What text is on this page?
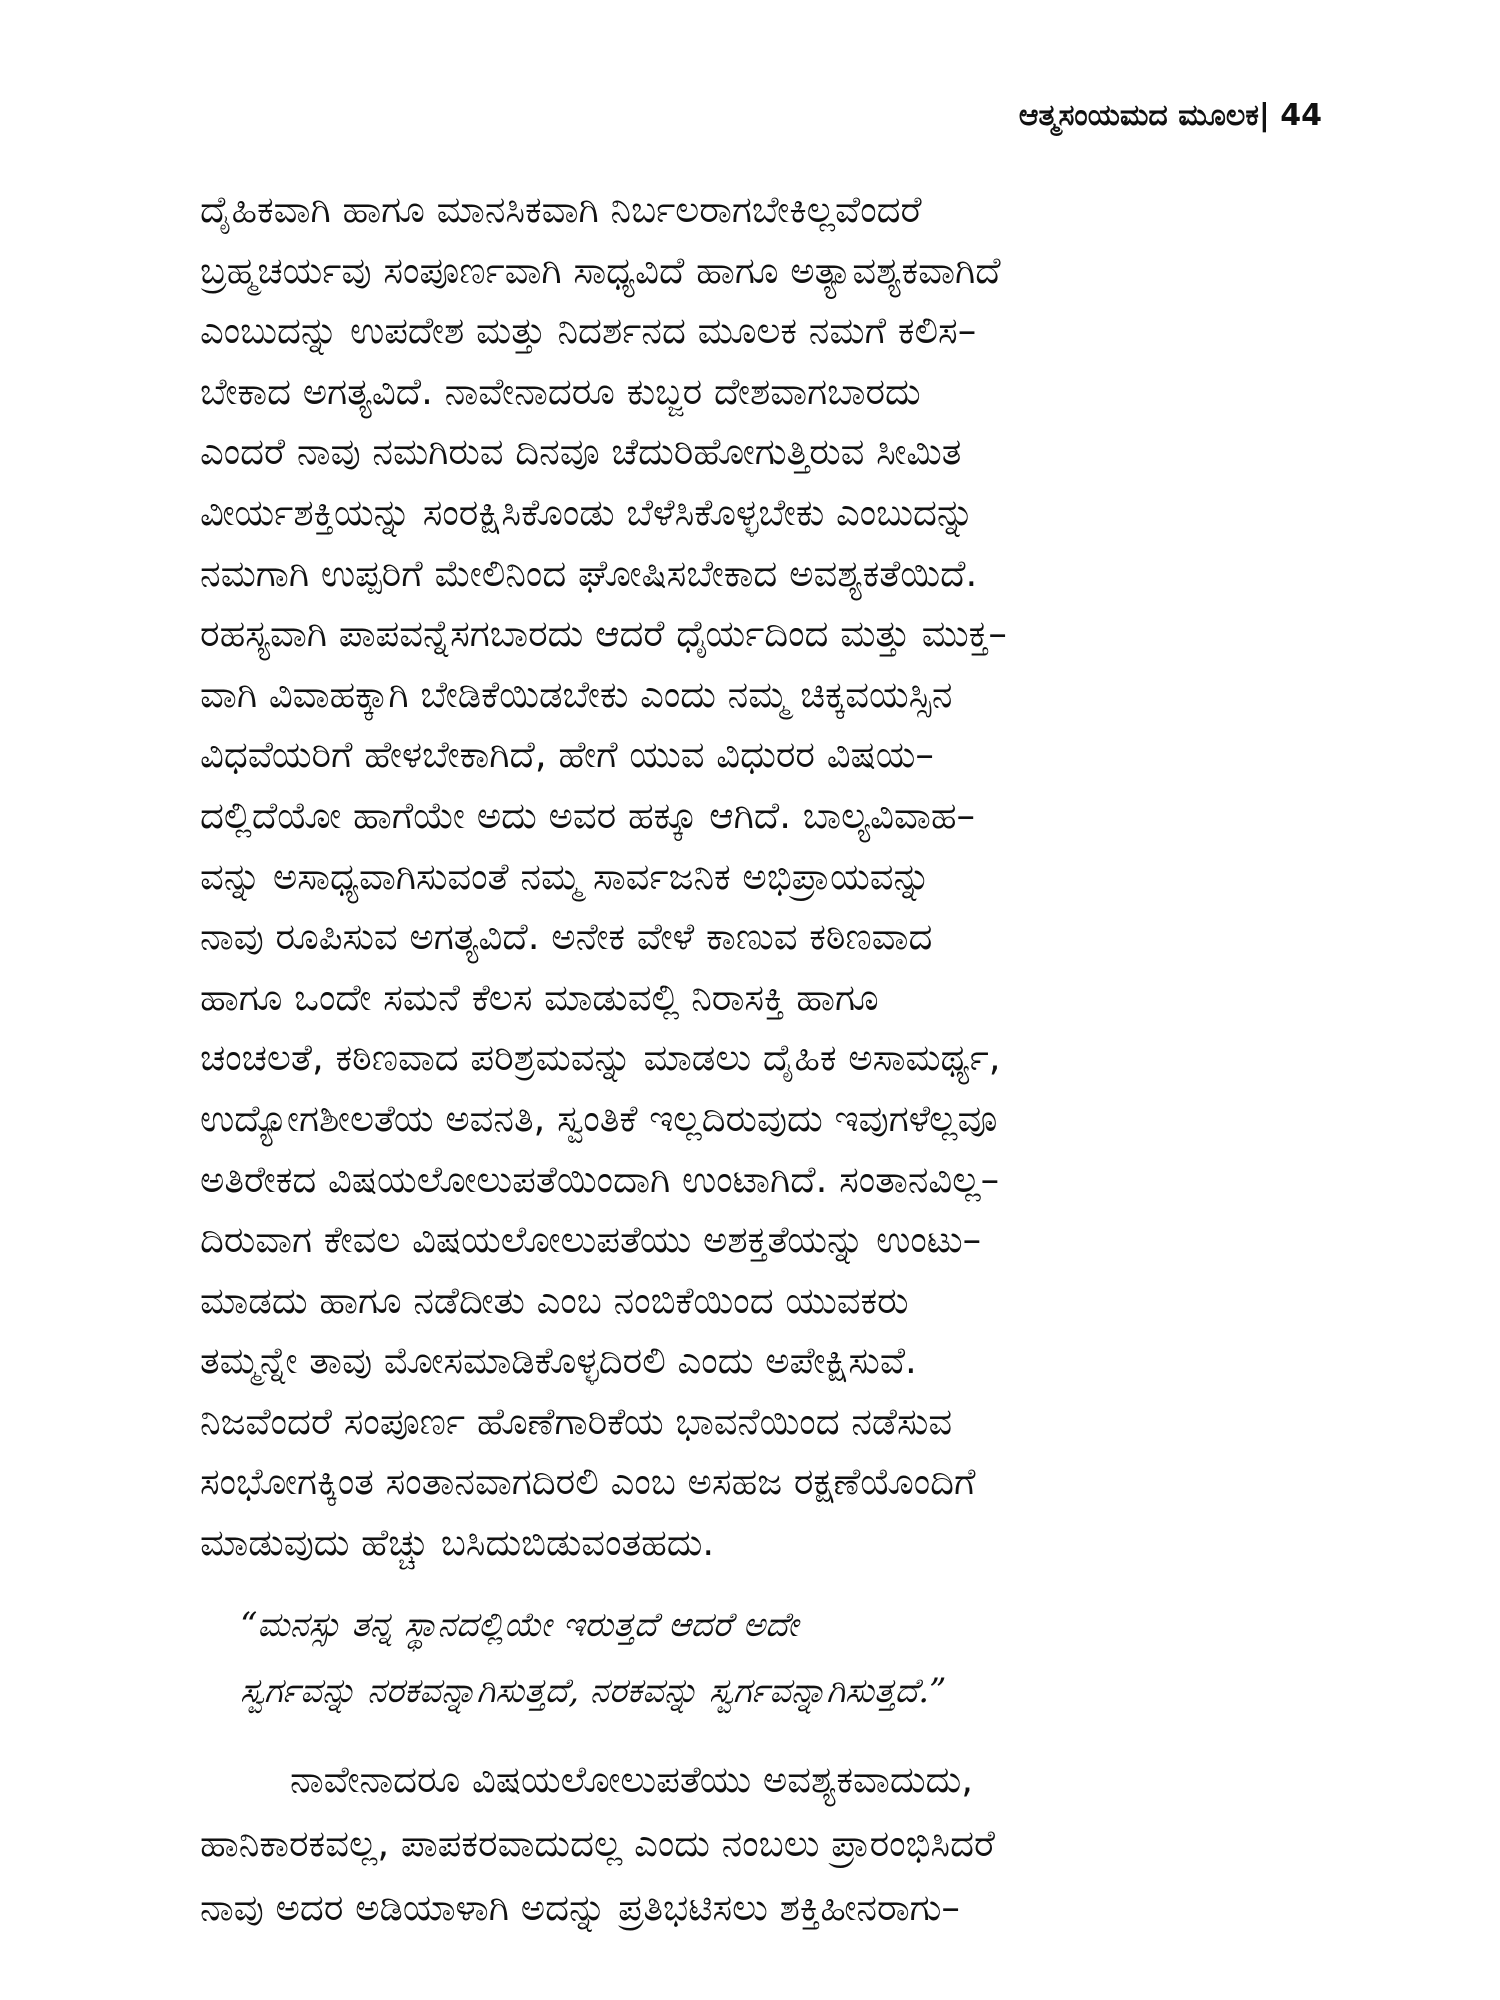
ಆತ್ಮಸಂಯಮದ ಮೂಲಕ| 44
ದೈಹಿಕವಾಗಿ ಹಾಗೂ ಮಾನಸಿಕವಾಗಿ ನಿರ್ಬಲರಾಗಬೇಕಿಲ್ಲವೆಂದರೆ
ಬ್ರಹ್ಮಚರ್ಯವು ಸಂಪೂರ್ಣವಾಗಿ ಸಾಧ್ಯವಿದೆ ಹಾಗೂ ಅತ್ಯಾವಶ್ಯಕವಾಗಿದೆ
ಎಂಬುದನ್ನು ಉಪದೇಶ ಮತ್ತು ನಿದರ್ಶನದ ಮೂಲಕ ನಮಗೆ ಕಲಿಸ–
ಬೇಕಾದ ಅಗತ್ಯವಿದೆ. ನಾವೇನಾದರೂ ಕುಬ್ಜರ ದೇಶವಾಗಬಾರದು
ಎಂದರೆ ನಾವು ನಮಗಿರುವ ದಿನವೂ ಚೆದುರಿಹೋಗುತ್ತಿರುವ ಸೀಮಿತ
ವೀರ್ಯಶಕ್ತಿಯನ್ನು ಸಂರಕ್ಷಿಸಿಕೊಂಡು ಬೆಳೆಸಿಕೊಳ್ಳಬೇಕು ಎಂಬುದನ್ನು
ನಮಗಾಗಿ ಉಪ್ಪರಿಗೆ ಮೇಲಿನಿಂದ ಘೋಷಿಸಬೇಕಾದ ಅವಶ್ಯಕತೆಯಿದೆ.
ರಹಸ್ಯವಾಗಿ ಪಾಪವನ್ನೆಸಗಬಾರದು ಆದರೆ ಧೈರ್ಯದಿಂದ ಮತ್ತು ಮುಕ್ತ–
ವಾಗಿ ವಿವಾಹಕ್ಕಾಗಿ ಬೇಡಿಕೆಯಿಡಬೇಕು ಎಂದು ನಮ್ಮ ಚಿಕ್ಕವಯಸ್ಸಿನ
ವಿಧವೆಯರಿಗೆ ಹೇಳಬೇಕಾಗಿದೆ, ಹೇಗೆ ಯುವ ವಿಧುರರ ವಿಷಯ–
ದಲ್ಲಿದೆಯೋ ಹಾಗೆಯೇ ಅದು ಅವರ ಹಕ್ಕೂ ಆಗಿದೆ. ಬಾಲ್ಯವಿವಾಹ–
ವನ್ನು ಅಸಾಧ್ಯವಾಗಿಸುವಂತೆ ನಮ್ಮ ಸಾರ್ವಜನಿಕ ಅಭಿಪ್ರಾಯವನ್ನು
ನಾವು ರೂಪಿಸುವ ಅಗತ್ಯವಿದೆ. ಅನೇಕ ವೇಳೆ ಕಾಣುವ ಕಠಿಣವಾದ
ಹಾಗೂ ಒಂದೇ ಸಮನೆ ಕೆಲಸ ಮಾಡುವಲ್ಲಿ ನಿರಾಸಕ್ತಿ ಹಾಗೂ
ಚಂಚಲತೆ, ಕಠಿಣವಾದ ಪರಿಶ್ರಮವನ್ನು ಮಾಡಲು ದೈಹಿಕ ಅಸಾಮರ್ಥ್ಯ,
ಉದ್ಯೋಗಶೀಲತೆಯ ಅವನತಿ, ಸ್ವಂತಿಕೆ ಇಲ್ಲದಿರುವುದು ಇವುಗಳೆಲ್ಲವೂ
ಅತಿರೇಕದ ವಿಷಯಲೋಲುಪತೆಯಿಂದಾಗಿ ಉಂಟಾಗಿದೆ. ಸಂತಾನವಿಲ್ಲ–
ದಿರುವಾಗ ಕೇವಲ ವಿಷಯಲೋಲುಪತೆಯು ಅಶಕ್ತತೆಯನ್ನು ಉಂಟು–
ಮಾಡದು ಹಾಗೂ ನಡೆದೀತು ಎಂಬ ನಂಬಿಕೆಯಿಂದ ಯುವಕರು
ತಮ್ಮನ್ನೇ ತಾವು ಮೋಸಮಾಡಿಕೊಳ್ಳದಿರಲಿ ಎಂದು ಅಪೇಕ್ಷಿಸುವೆ.
ನಿಜವೆಂದರೆ ಸಂಪೂರ್ಣ ಹೊಣೆಗಾರಿಕೆಯ ಭಾವನೆಯಿಂದ ನಡೆಸುವ
ಸಂಭೋಗಕ್ಕಿಂತ ಸಂತಾನವಾಗದಿರಲಿ ಎಂಬ ಅಸಹಜ ರಕ್ಷಣೆಯೊಂದಿಗೆ
ಮಾಡುವುದು ಹೆಚ್ಚು ಬಸಿದುಬಿಡುವಂತಹದು.
“ಮನಸ್ಸು ತನ್ನ ಸ್ಥಾನದಲ್ಲಿಯೇ ಇರುತ್ತದೆ ಆದರೆ ಅದೇ
ಸ್ವರ್ಗವನ್ನು ನರಕವನ್ನಾಗಿಸುತ್ತದೆ, ನರಕವನ್ನು ಸ್ವರ್ಗವನ್ನಾಗಿಸುತ್ತದೆ.”
ನಾವೇನಾದರೂ ವಿಷಯಲೋಲುಪತೆಯು ಅವಶ್ಯಕವಾದುದು,
ಹಾನಿಕಾರಕವಲ್ಲ, ಪಾಪಕರವಾದುದಲ್ಲ ಎಂದು ನಂಬಲು ಪ್ರಾರಂಭಿಸಿದರೆ
ನಾವು ಅದರ ಅಡಿಯಾಳಾಗಿ ಅದನ್ನು ಪ್ರತಿಭಟಿಸಲು ಶಕ್ತಿಹೀನರಾಗು–
